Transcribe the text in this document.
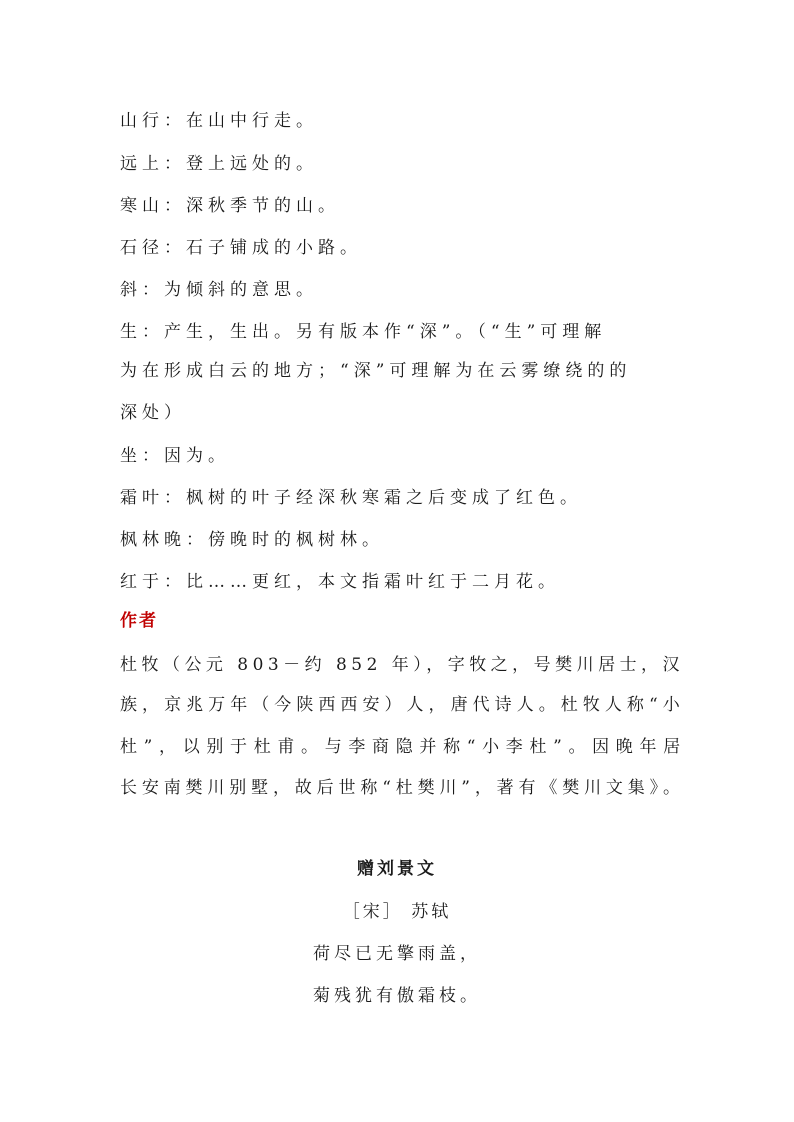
山行：在山中行走。
远上：登上远处的。
寒山：深秋季节的山。
石径：石子铺成的小路。
斜：为倾斜的意思。
生：产生，生出。另有版本作“深”。（“生”可理解
为在形成白云的地方；“深”可理解为在云雾缭绕的的
深处）
坐：因为。
霜叶：枫树的叶子经深秋寒霜之后变成了红色。
枫林晚：傍晚时的枫树林。
红于：比……更红，本文指霜叶红于二月花。
作者
杜牧（公元 803－约 852 年），字牧之，号樊川居士，汉
族，京兆万年（今陕西西安）人，唐代诗人。杜牧人称“小
杜”，以别于杜甫。与李商隐并称“小李杜”。因晚年居
长安南樊川别墅，故后世称“杜樊川”，著有《樊川文集》。
赠刘景文
［宋］ 苏轼
荷尽已无擎雨盖，
菊残犹有傲霜枝。
